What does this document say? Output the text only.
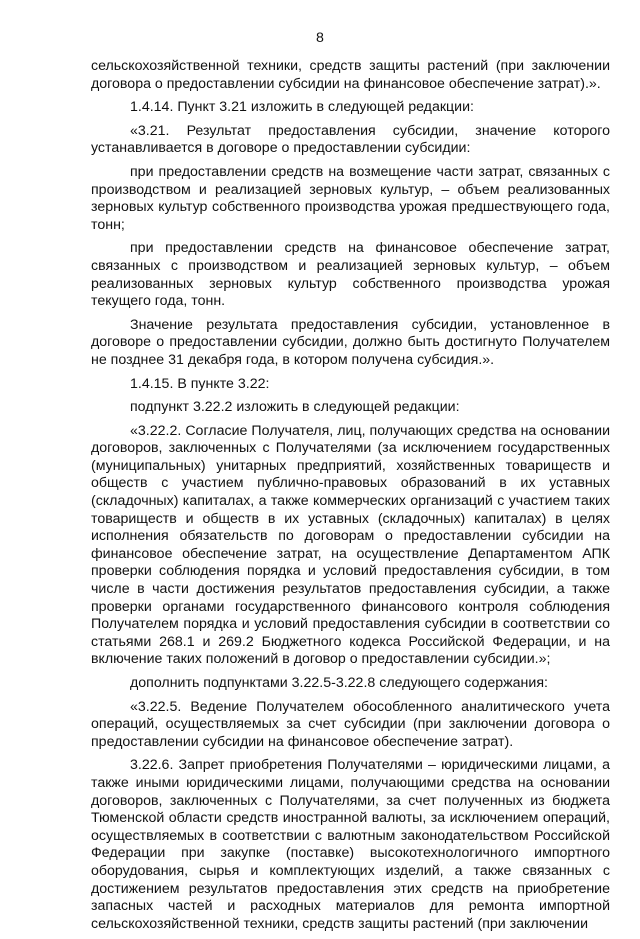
8

сельскохозяйственной техники, средств защиты растений (при заключении договора о предоставлении субсидии на финансовое обеспечение затрат).».

1.4.14. Пункт 3.21 изложить в следующей редакции:

«3.21. Результат предоставления субсидии, значение которого устанавливается в договоре о предоставлении субсидии:

при предоставлении средств на возмещение части затрат, связанных с производством и реализацией зерновых культур, – объем реализованных зерновых культур собственного производства урожая предшествующего года, тонн;

при предоставлении средств на финансовое обеспечение затрат, связанных с производством и реализацией зерновых культур, – объем реализованных зерновых культур собственного производства урожая текущего года, тонн.

Значение результата предоставления субсидии, установленное в договоре о предоставлении субсидии, должно быть достигнуто Получателем не позднее 31 декабря года, в котором получена субсидия.».

1.4.15. В пункте 3.22:

подпункт 3.22.2 изложить в следующей редакции:

«3.22.2. Согласие Получателя, лиц, получающих средства на основании договоров, заключенных с Получателями (за исключением государственных (муниципальных) унитарных предприятий, хозяйственных товариществ и обществ с участием публично-правовых образований в их уставных (складочных) капиталах, а также коммерческих организаций с участием таких товариществ и обществ в их уставных (складочных) капиталах) в целях исполнения обязательств по договорам о предоставлении субсидии на финансовое обеспечение затрат, на осуществление Департаментом АПК проверки соблюдения порядка и условий предоставления субсидии, в том числе в части достижения результатов предоставления субсидии, а также проверки органами государственного финансового контроля соблюдения Получателем порядка и условий предоставления субсидии в соответствии со статьями 268.1 и 269.2 Бюджетного кодекса Российской Федерации, и на включение таких положений в договор о предоставлении субсидии.»;

дополнить подпунктами 3.22.5-3.22.8 следующего содержания:

«3.22.5. Ведение Получателем обособленного аналитического учета операций, осуществляемых за счет субсидии (при заключении договора о предоставлении субсидии на финансовое обеспечение затрат).

3.22.6. Запрет приобретения Получателями – юридическими лицами, а также иными юридическими лицами, получающими средства на основании договоров, заключенных с Получателями, за счет полученных из бюджета Тюменской области средств иностранной валюты, за исключением операций, осуществляемых в соответствии с валютным законодательством Российской Федерации при закупке (поставке) высокотехнологичного импортного оборудования, сырья и комплектующих изделий, а также связанных с достижением результатов предоставления этих средств на приобретение запасных частей и расходных материалов для ремонта импортной сельскохозяйственной техники, средств защиты растений (при заключении
